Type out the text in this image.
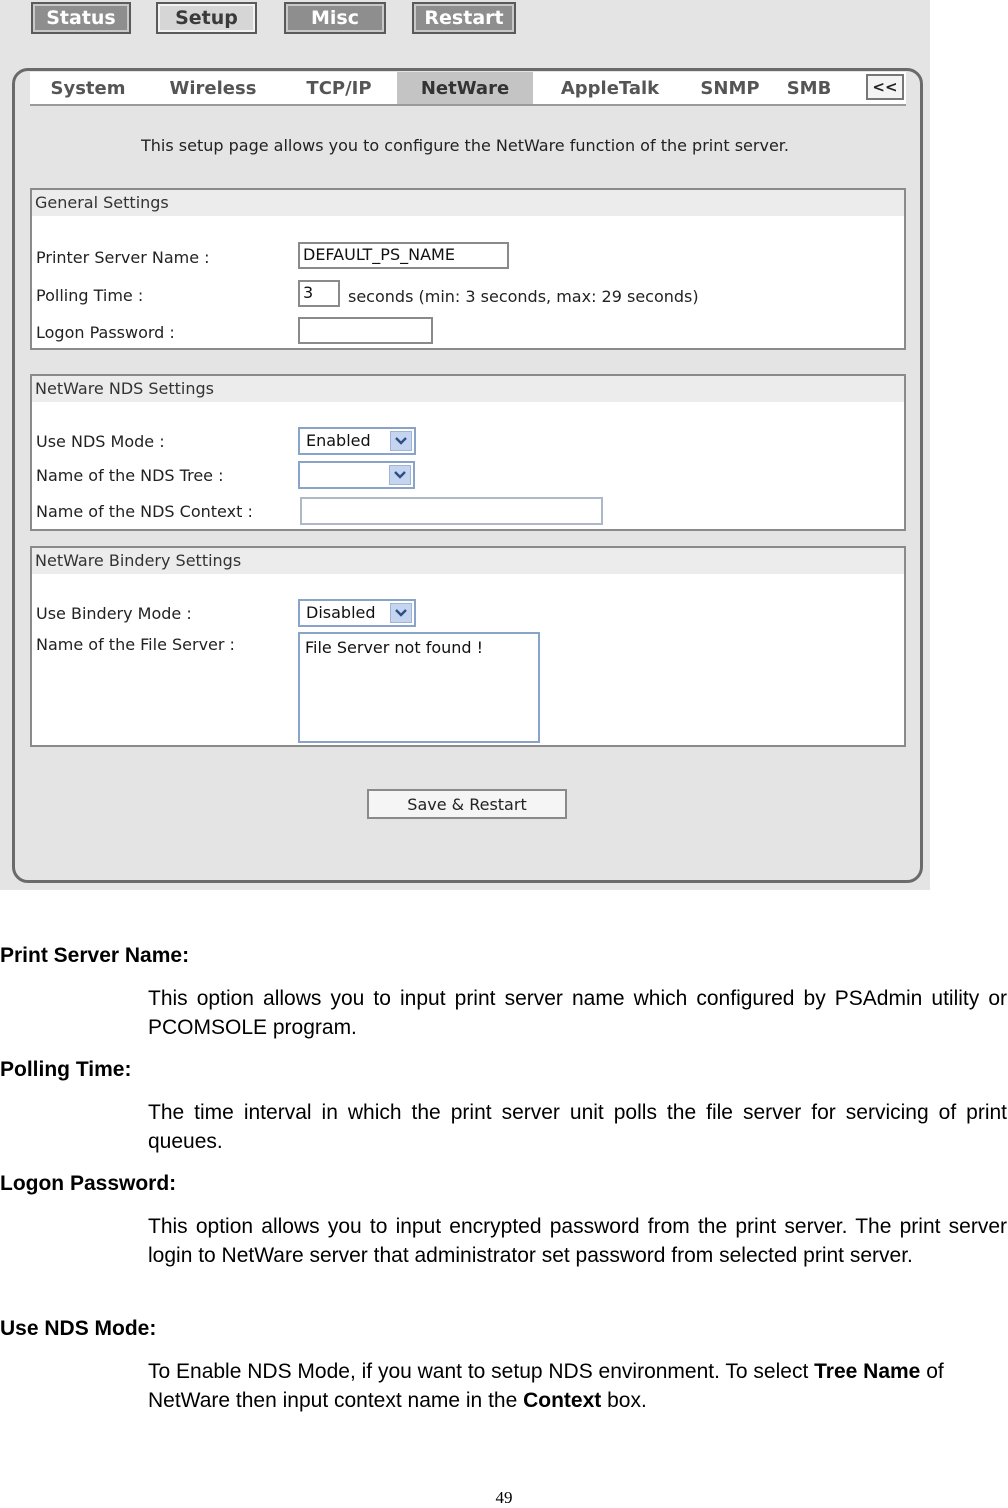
Status	Setup	Misc	Restart
System	Wireless	TCP/IP	NetWare	AppleTalk	SNMP	SMB	<<
This setup page allows you to configure the NetWare function of the print server.
General Settings
Printer Server Name :	DEFAULT_PS_NAME
Polling Time :	3	seconds (min: 3 seconds, max: 29 seconds)
Logon Password :
NetWare NDS Settings
Use NDS Mode :	Enabled
Name of the NDS Tree :
Name of the NDS Context :
NetWare Bindery Settings
Use Bindery Mode :	Disabled
Name of the File Server :	File Server not found !
Save & Restart
Print Server Name:
This option allows you to input print server name which configured by PSAdmin utility or PCOMSOLE program.
Polling Time:
The time interval in which the print server unit polls the file server for servicing of print queues.
Logon Password:
This option allows you to input encrypted password from the print server. The print server login to NetWare server that administrator set password from selected print server.
Use NDS Mode:
To Enable NDS Mode, if you want to setup NDS environment. To select Tree Name of NetWare then input context name in the Context box.
49
